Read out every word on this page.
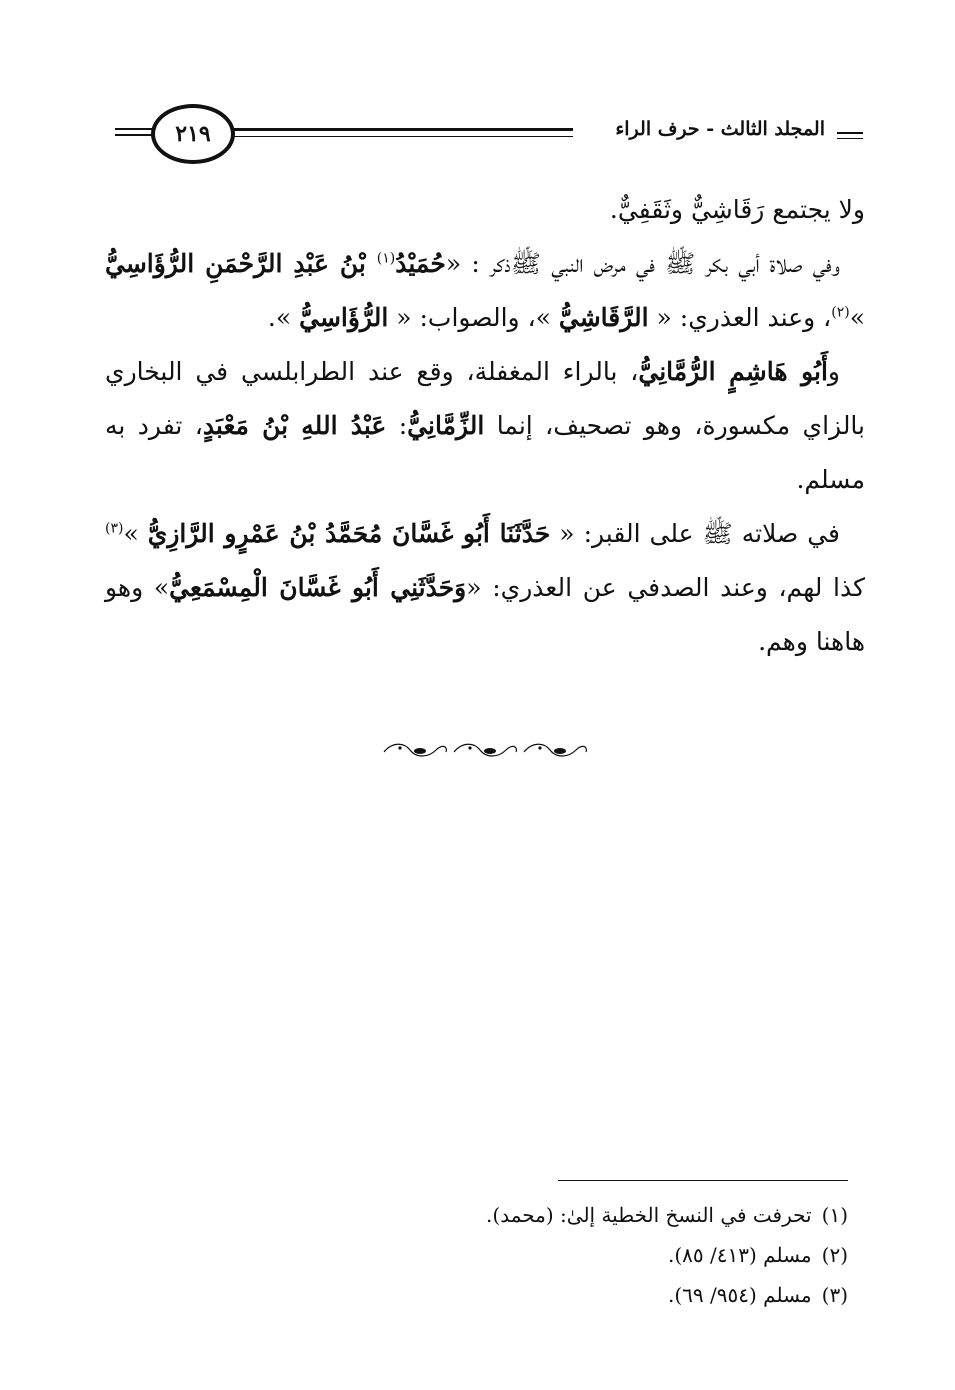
٢١٩	المجلد الثالث - حرف الراء

ولا يجتمع رَقَاشِيٌّ وثَقَفِيٌّ.

وفي صلاة أبي بكر ﷺ في مرض النبي ﷺذكر : «حُمَيْدُ$^{(١)}$ بْنُ عَبْدِ الرَّحْمَنِ الرُّؤَاسِيُّ »$^{(٢)}$، وعند العذري: « الرَّقَاشِيُّ »، والصواب: « الرُّؤَاسِيُّ ».

وأَبُو هَاشِمٍ الرُّمَّانِيُّ، بالراء المغفلة، وقع عند الطرابلسي في البخاري بالزاي مكسورة، وهو تصحيف، إنما الزِّمَّانِيُّ: عَبْدُ اللهِ بْنُ مَعْبَدٍ، تفرد به مسلم.

في صلاته ﷺ على القبر: « حَدَّثَنَا أَبُو غَسَّانَ مُحَمَّدُ بْنُ عَمْرٍو الرَّازِيُّ »$^{(٣)}$ كذا لهم، وعند الصدفي عن العذري: «وَحَدَّثَنِي أَبُو غَسَّانَ الْمِسْمَعِيُّ» وهو هاهنا وهم.

(١) تحرفت في النسخ الخطية إلىٰ: (محمد).
(٢) مسلم (٤١٣/ ٨٥).
(٣) مسلم (٩٥٤/ ٦٩).
